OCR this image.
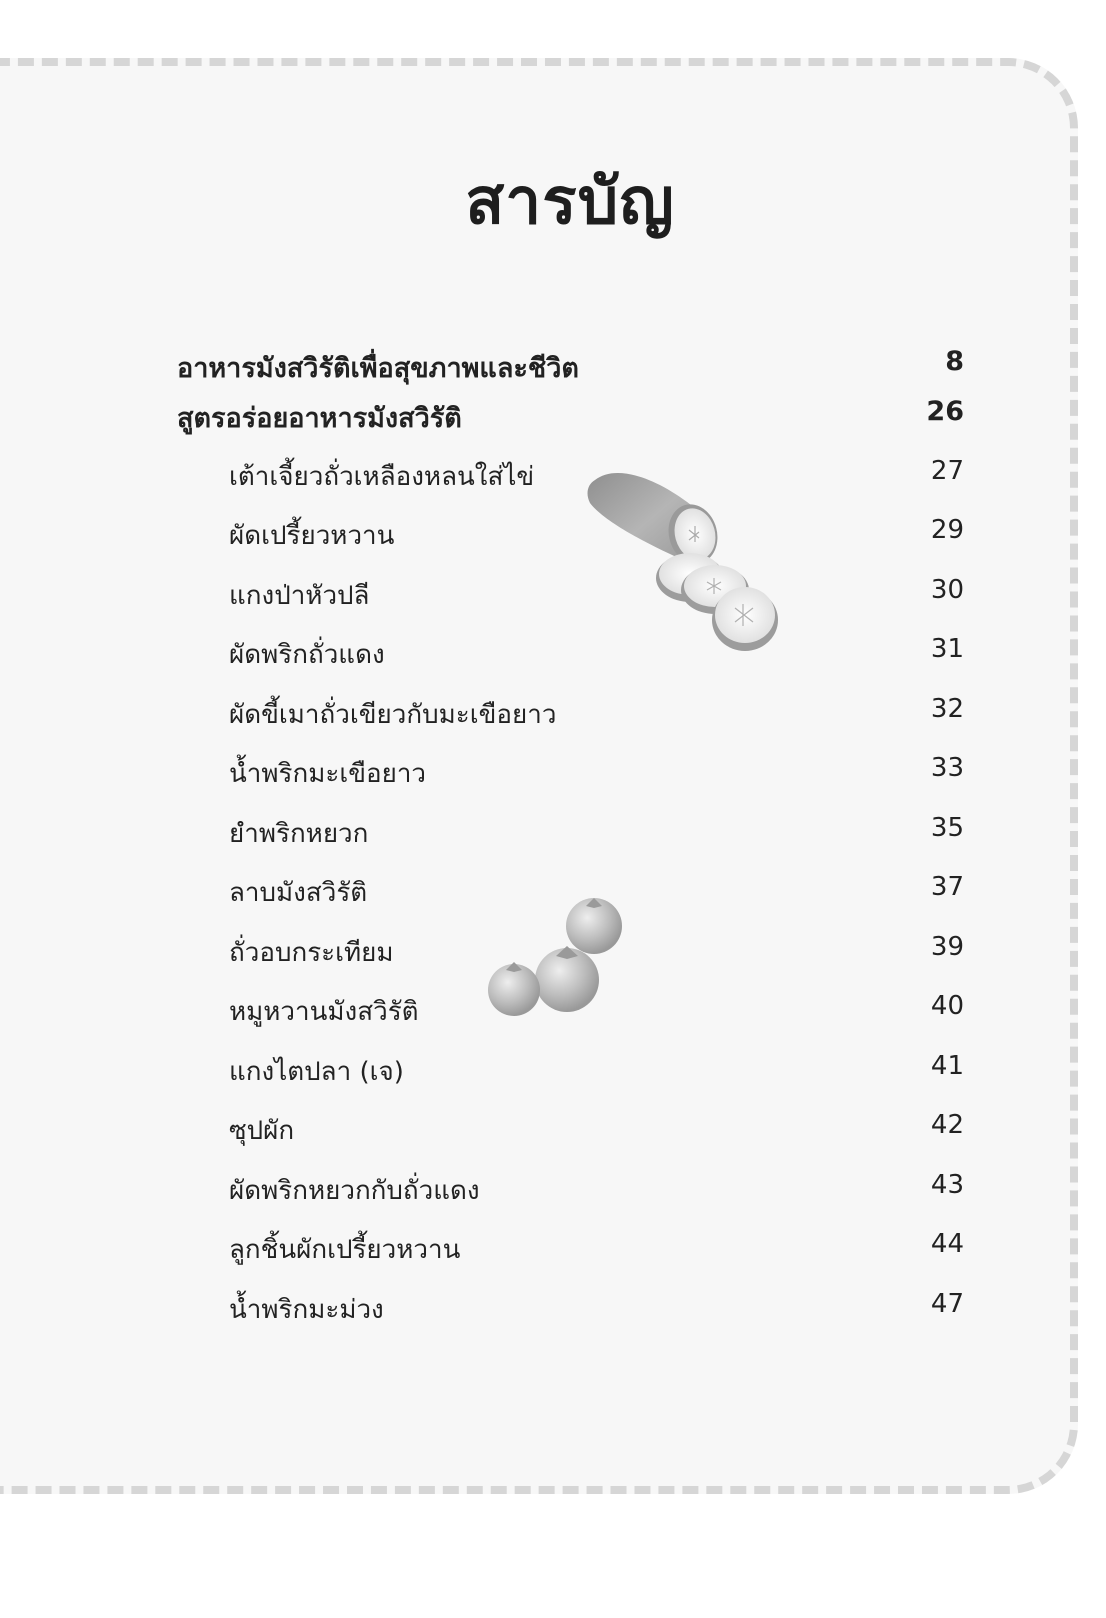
สารบัญ
อาหารมังสวิรัติเพื่อสุขภาพและชีวิต	8
สูตรอร่อยอาหารมังสวิรัติ	26
เต้าเจี้ยวถั่วเหลืองหลนใส่ไข่	27
ผัดเปรี้ยวหวาน	29
แกงป่าหัวปลี	30
ผัดพริกถั่วแดง	31
ผัดขี้เมาถั่วเขียวกับมะเขือยาว	32
น้ำพริกมะเขือยาว	33
ยำพริกหยวก	35
ลาบมังสวิรัติ	37
ถั่วอบกระเทียม	39
หมูหวานมังสวิรัติ	40
แกงไตปลา (เจ)	41
ซุปผัก	42
ผัดพริกหยวกกับถั่วแดง	43
ลูกชิ้นผักเปรี้ยวหวาน	44
น้ำพริกมะม่วง	47
